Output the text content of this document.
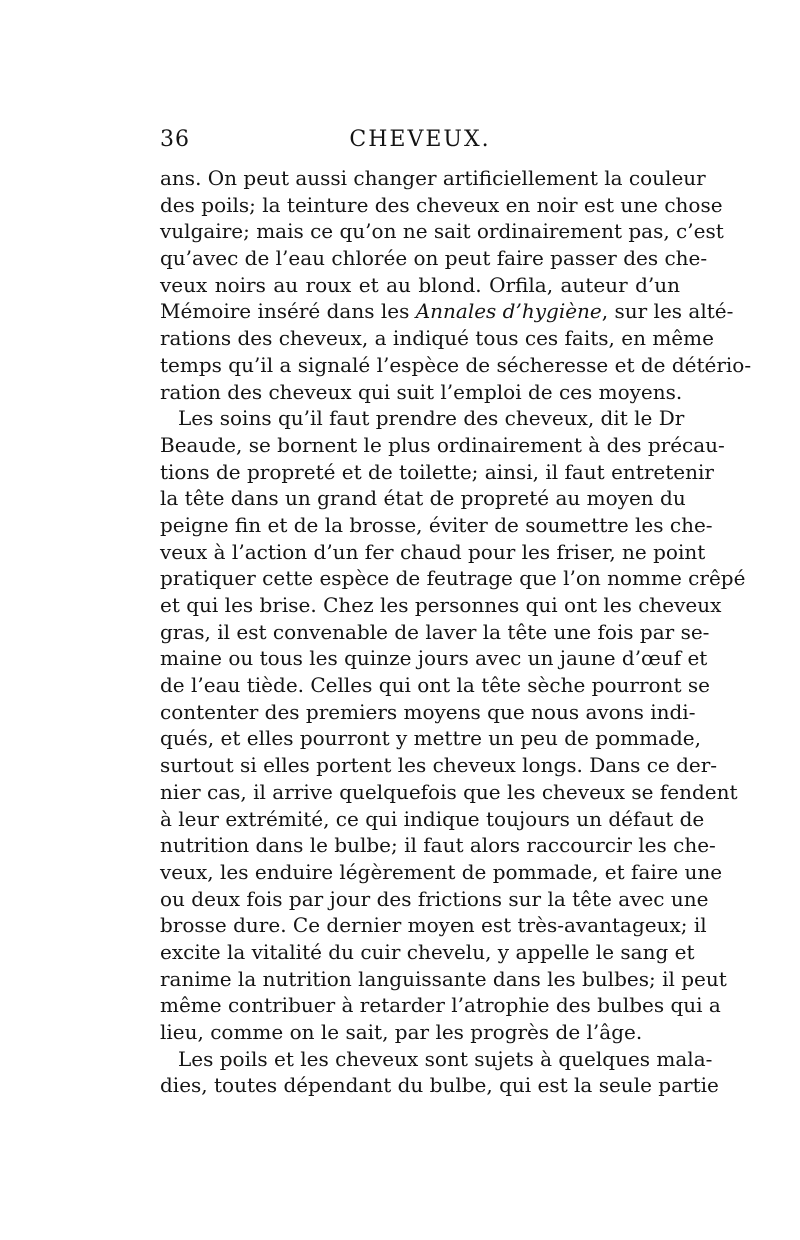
36	CHEVEUX.
ans. On peut aussi changer artificiellement la couleur
des poils; la teinture des cheveux en noir est une chose
vulgaire; mais ce qu’on ne sait ordinairement pas, c’est
qu’avec de l’eau chlorée on peut faire passer des che-
veux noirs au roux et au blond. Orfila, auteur d’un
Mémoire inséré dans les Annales d’hygiène, sur les alté-
rations des cheveux, a indiqué tous ces faits, en même
temps qu’il a signalé l’espèce de sécheresse et de détério-
ration des cheveux qui suit l’emploi de ces moyens.
Les soins qu’il faut prendre des cheveux, dit le Dr
Beaude, se bornent le plus ordinairement à des précau-
tions de propreté et de toilette; ainsi, il faut entretenir
la tête dans un grand état de propreté au moyen du
peigne fin et de la brosse, éviter de soumettre les che-
veux à l’action d’un fer chaud pour les friser, ne point
pratiquer cette espèce de feutrage que l’on nomme crêpé
et qui les brise. Chez les personnes qui ont les cheveux
gras, il est convenable de laver la tête une fois par se-
maine ou tous les quinze jours avec un jaune d’œuf et
de l’eau tiède. Celles qui ont la tête sèche pourront se
contenter des premiers moyens que nous avons indi-
qués, et elles pourront y mettre un peu de pommade,
surtout si elles portent les cheveux longs. Dans ce der-
nier cas, il arrive quelquefois que les cheveux se fendent
à leur extrémité, ce qui indique toujours un défaut de
nutrition dans le bulbe; il faut alors raccourcir les che-
veux, les enduire légèrement de pommade, et faire une
ou deux fois par jour des frictions sur la tête avec une
brosse dure. Ce dernier moyen est très-avantageux; il
excite la vitalité du cuir chevelu, y appelle le sang et
ranime la nutrition languissante dans les bulbes; il peut
même contribuer à retarder l’atrophie des bulbes qui a
lieu, comme on le sait, par les progrès de l’âge.
Les poils et les cheveux sont sujets à quelques mala-
dies, toutes dépendant du bulbe, qui est la seule partie
